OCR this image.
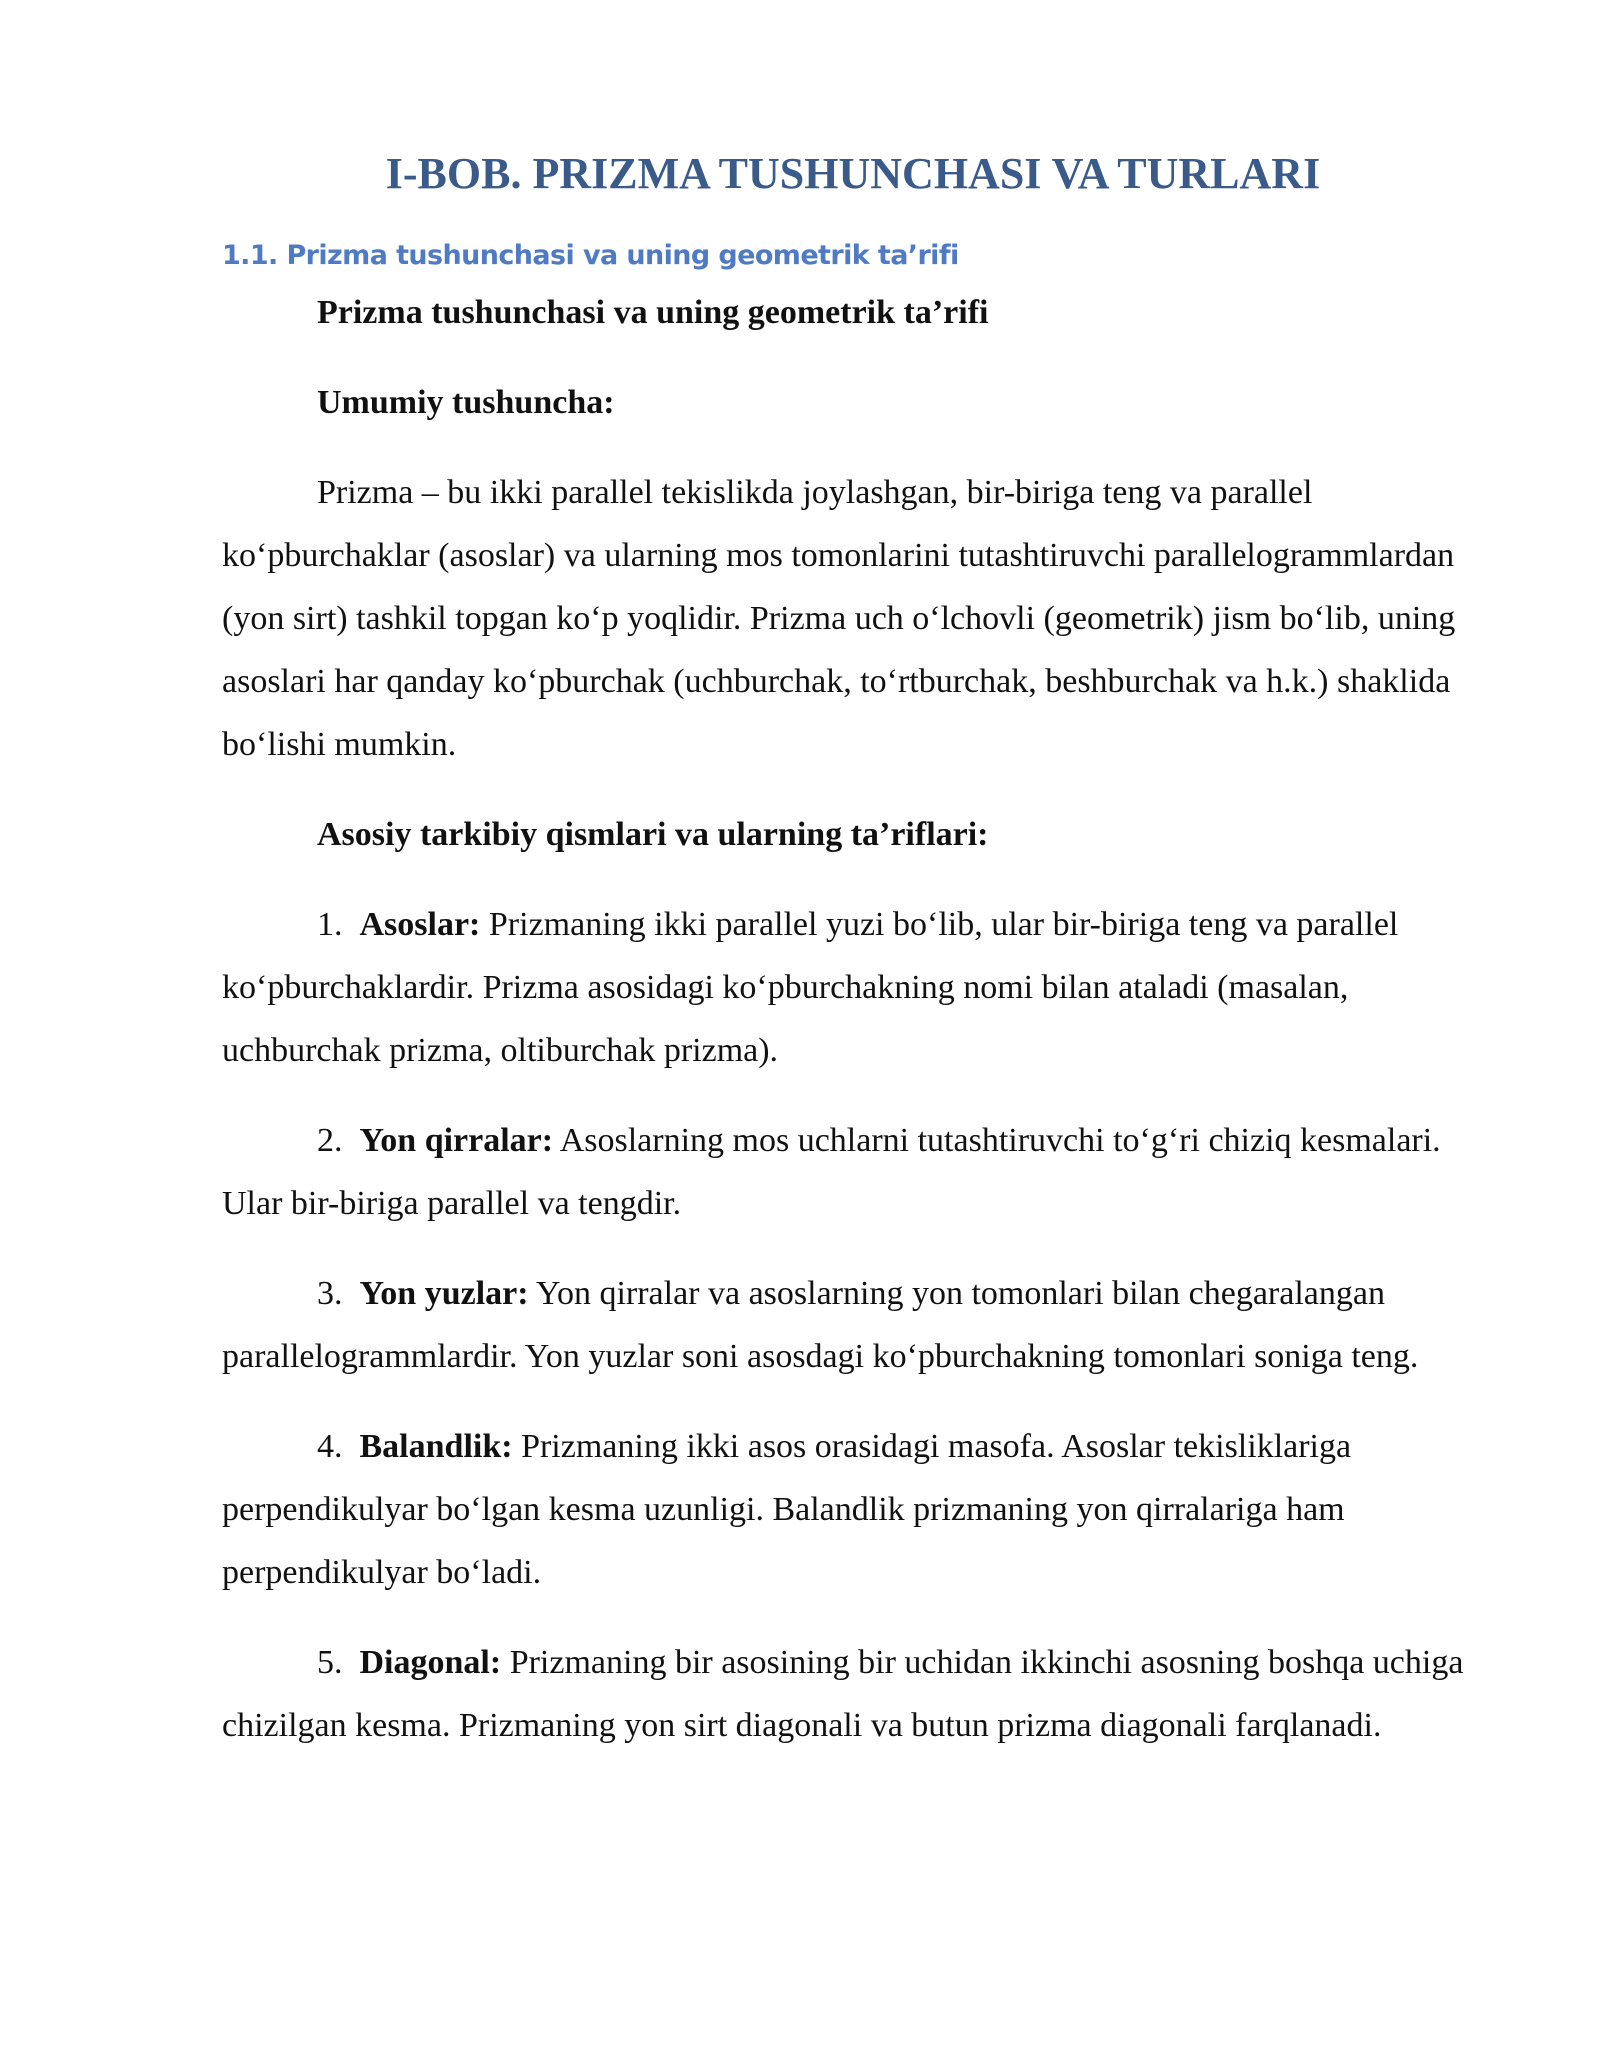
I-BOB. PRIZMA TUSHUNCHASI VA TURLARI
1.1. Prizma tushunchasi va uning geometrik ta’rifi

Prizma tushunchasi va uning geometrik ta’rifi

Umumiy tushuncha:

Prizma – bu ikki parallel tekislikda joylashgan, bir-biriga teng va parallel ko‘pburchaklar (asoslar) va ularning mos tomonlarini tutashtiruvchi parallelogrammlardan (yon sirt) tashkil topgan ko‘p yoqlidir. Prizma uch o‘lchovli (geometrik) jism bo‘lib, uning asoslari har qanday ko‘pburchak (uchburchak, to‘rtburchak, beshburchak va h.k.) shaklida bo‘lishi mumkin.

Asosiy tarkibiy qismlari va ularning ta’riflari:

1. Asoslar: Prizmaning ikki parallel yuzi bo‘lib, ular bir-biriga teng va parallel ko‘pburchaklardir. Prizma asosidagi ko‘pburchakning nomi bilan ataladi (masalan, uchburchak prizma, oltiburchak prizma).

2. Yon qirralar: Asoslarning mos uchlarni tutashtiruvchi to‘g‘ri chiziq kesmalari. Ular bir-biriga parallel va tengdir.

3. Yon yuzlar: Yon qirralar va asoslarning yon tomonlari bilan chegaralangan parallelogrammlardir. Yon yuzlar soni asosdagi ko‘pburchakning tomonlari soniga teng.

4. Balandlik: Prizmaning ikki asos orasidagi masofa. Asoslar tekisliklariga perpendikulyar bo‘lgan kesma uzunligi. Balandlik prizmaning yon qirralariga ham perpendikulyar bo‘ladi.

5. Diagonal: Prizmaning bir asosining bir uchidan ikkinchi asosning boshqa uchiga chizilgan kesma. Prizmaning yon sirt diagonali va butun prizma diagonali farqlanadi.
